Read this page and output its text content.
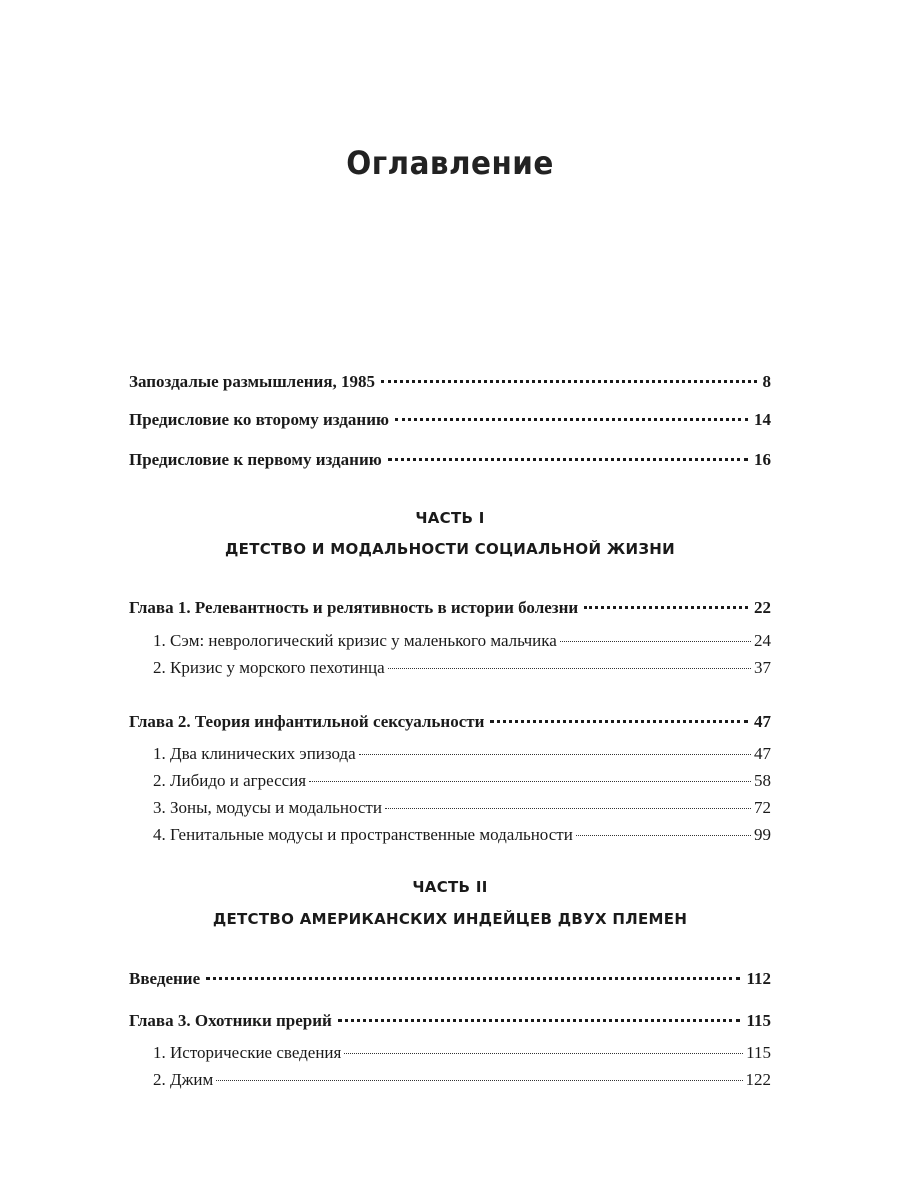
Оглавление
Запоздалые размышления, 1985	8
Предисловие ко второму изданию	14
Предисловие к первому изданию	16
Глава 1. Релевантность и релятивность в истории болезни	22
1. Сэм: неврологический кризис у маленького мальчика	24
2. Кризис у морского пехотинца	37
Глава 2. Теория инфантильной сексуальности	47
1. Два клинических эпизода	47
2. Либидо и агрессия	58
3. Зоны, модусы и модальности	72
4. Генитальные модусы и пространственные модальности	99
Введение	112
Глава 3. Охотники прерий	115
1. Исторические сведения	115
2. Джим	122
ЧАСТЬ I
ДЕТСТВО И МОДАЛЬНОСТИ СОЦИАЛЬНОЙ ЖИЗНИ
ЧАСТЬ II
ДЕТСТВО АМЕРИКАНСКИХ ИНДЕЙЦЕВ ДВУХ ПЛЕМЕН
